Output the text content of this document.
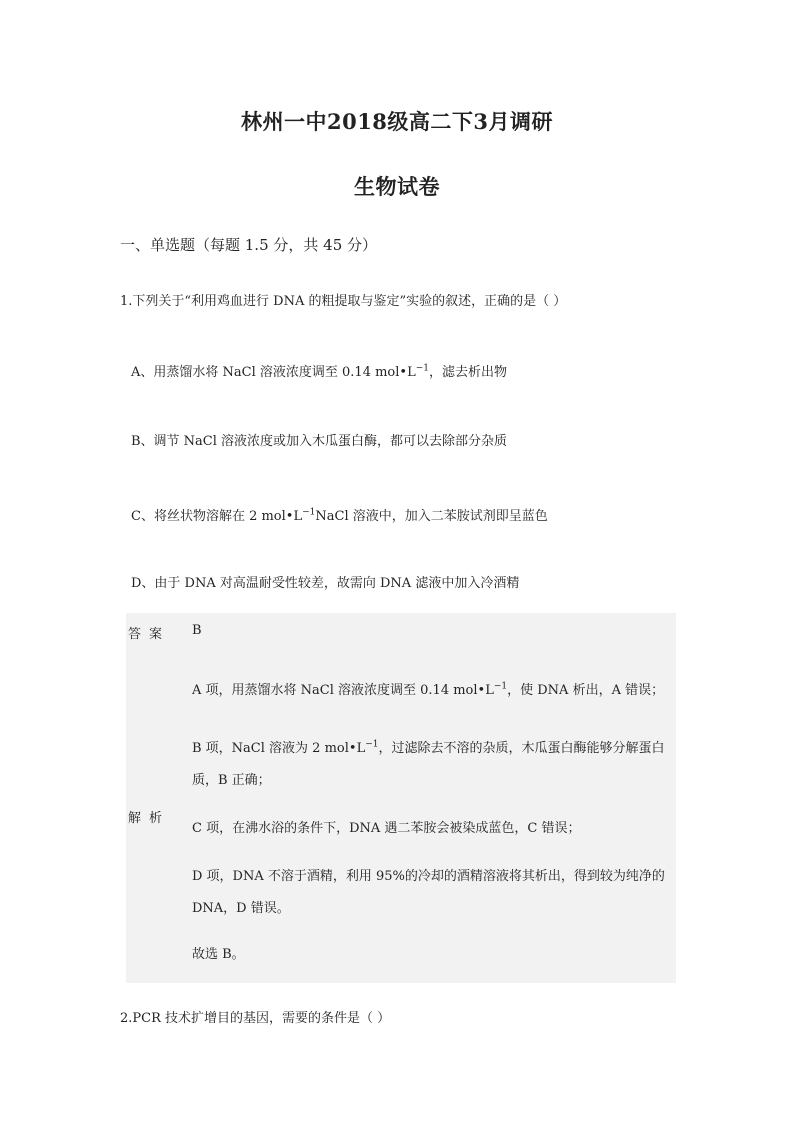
林州一中2018级高二下3月调研
生物试卷
一、单选题（每题 1.5 分，共 45 分）
1.下列关于“利用鸡血进行 DNA 的粗提取与鉴定”实验的叙述，正确的是（ ）
A、用蒸馏水将 NaCl 溶液浓度调至 0.14 $mol•L^{-1}$，滤去析出物
B、调节 NaCl 溶液浓度或加入木瓜蛋白酶，都可以去除部分杂质
C、将丝状物溶解在 2 $mol•L^{-1}NaCl$ 溶液中，加入二苯胺试剂即呈蓝色
D、由于 DNA 对高温耐受性较差，故需向 DNA 滤液中加入冷酒精
答案 B
A 项，用蒸馏水将 NaCl 溶液浓度调至 0.14 $mol•L^{-1}$，使 DNA 析出，A 错误；
B 项，NaCl 溶液为 2 $mol•L^{-1}$，过滤除去不溶的杂质，木瓜蛋白酶能够分解蛋白
质，B 正确；
解析
C 项，在沸水浴的条件下，DNA 遇二苯胺会被染成蓝色，C 错误；
D 项，DNA 不溶于酒精，利用 95%的冷却的酒精溶液将其析出，得到较为纯净的
DNA，D 错误。
故选 B。
2.PCR 技术扩增目的基因，需要的条件是（ ）
